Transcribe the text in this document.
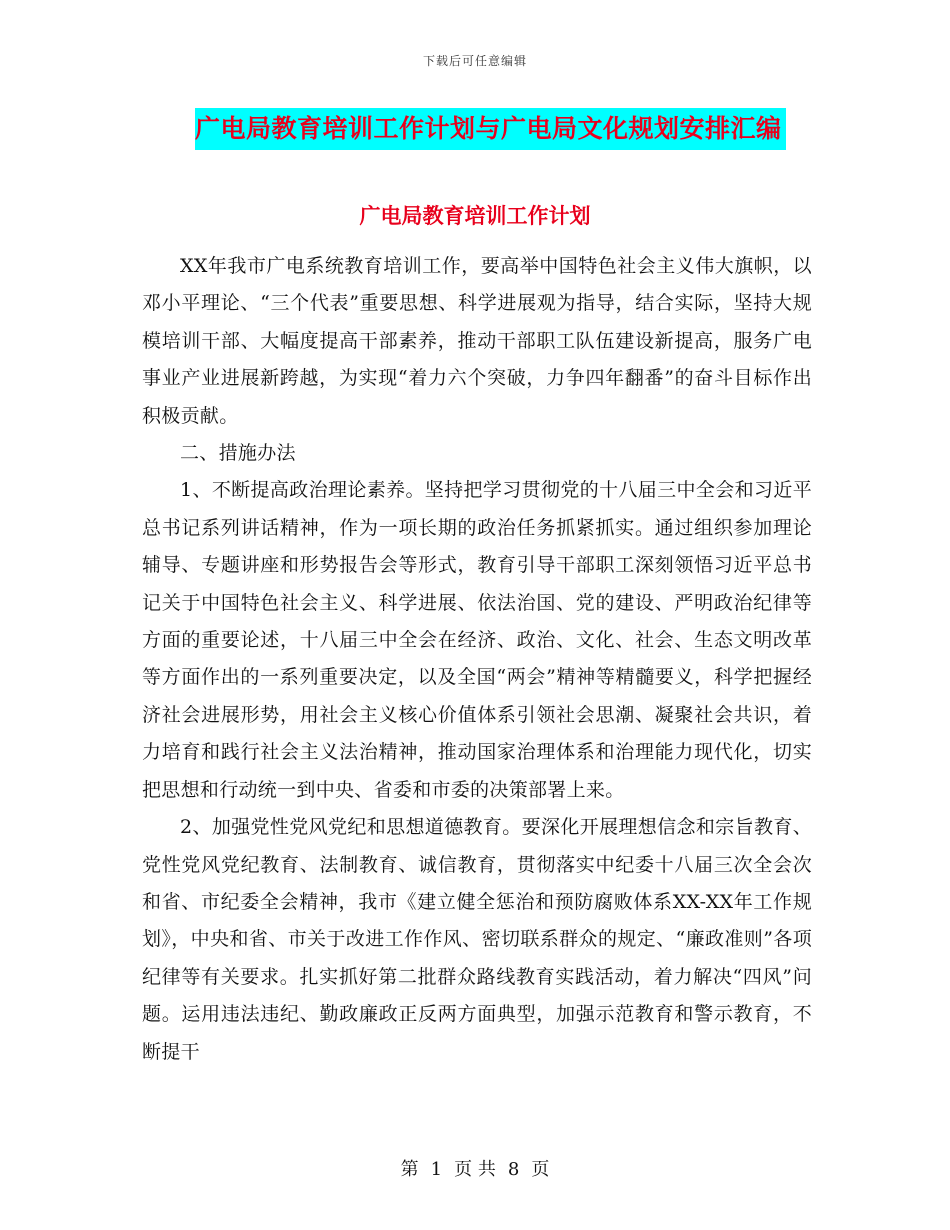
下载后可任意编辑
广电局教育培训工作计划与广电局文化规划安排汇编
广电局教育培训工作计划

XX年我市广电系统教育培训工作，要高举中国特色社会主义伟大旗帜，以邓小平理论、“三个代表”重要思想、科学进展观为指导，结合实际，坚持大规模培训干部、大幅度提高干部素养，推动干部职工队伍建设新提高，服务广电事业产业进展新跨越，为实现“着力六个突破，力争四年翻番”的奋斗目标作出积极贡献。

二、措施办法

1、不断提高政治理论素养。坚持把学习贯彻党的十八届三中全会和习近平总书记系列讲话精神，作为一项长期的政治任务抓紧抓实。通过组织参加理论辅导、专题讲座和形势报告会等形式，教育引导干部职工深刻领悟习近平总书记关于中国特色社会主义、科学进展、依法治国、党的建设、严明政治纪律等方面的重要论述，十八届三中全会在经济、政治、文化、社会、生态文明改革等方面作出的一系列重要决定，以及全国“两会”精神等精髓要义，科学把握经济社会进展形势，用社会主义核心价值体系引领社会思潮、凝聚社会共识，着力培育和践行社会主义法治精神，推动国家治理体系和治理能力现代化，切实把思想和行动统一到中央、省委和市委的决策部署上来。

2、加强党性党风党纪和思想道德教育。要深化开展理想信念和宗旨教育、党性党风党纪教育、法制教育、诚信教育，贯彻落实中纪委十八届三次全会次和省、市纪委全会精神，我市《建立健全惩治和预防腐败体系XX-XX年工作规划》，中央和省、市关于改进工作作风、密切联系群众的规定、“廉政准则”各项纪律等有关要求。扎实抓好第二批群众路线教育实践活动，着力解决“四风”问题。运用违法违纪、勤政廉政正反两方面典型，加强示范教育和警示教育，不断提干

第 1 页 共 8 页
